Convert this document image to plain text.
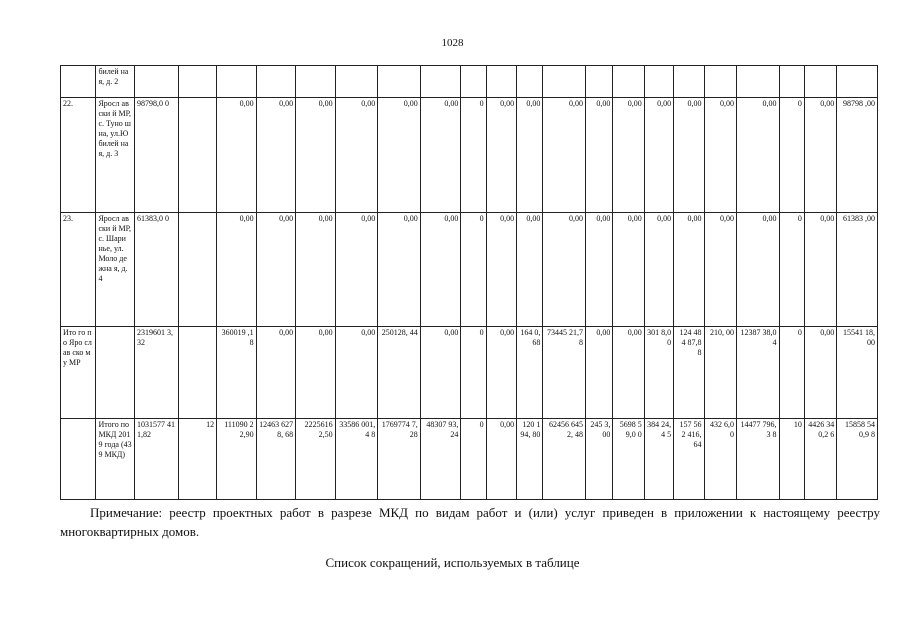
1028
	билей ная, д. 2																					
22.	Яросл авски й МР, с. Туно шна, ул.Ю билей ная, д. 3	98798,0 0		0,00	0,00	0,00	0,00	0,00	0,00	0	0,00	0,00	0,00	0,00	0,00	0,00	0,00	0,00	0,00	0	0,00	98798 ,00
23.	Яросл авски й МР, с. Шари нье, ул. Моло дежна я, д. 4	61383,0 0		0,00	0,00	0,00	0,00	0,00	0,00	0	0,00	0,00	0,00	0,00	0,00	0,00	0,00	0,00	0,00	0	0,00	61383 ,00
Ито го по Яро слав ско му МР		2319601 3,32		360019 ,18	0,00	0,00	0,00	250128, 44	0,00	0	0,00	164 0,68	73445 21,78	0,00	0,00	301 8,00	124 484 87,8 8	210, 00	12387 38,04	0	0,00	15541 18,00
	Итого по МКД 2019 года (439 МКД)	1031577 411,82	12	111090 22,90	12463 6278, 68	2225616 2,50	33586 001,4 8	1769774 7,28	48307 93,24	0	0,00	120 194, 80	62456 6452, 48	245 3,00	5698 59,0 0	384 24,4 5	157 562 416, 64	432 6,00	14477 796,3 8	10	4426 340,2 6	15858 540,9 8
Примечание: реестр проектных работ в разрезе МКД по видам работ и (или) услуг приведен в приложении к настоящему реестру многоквартирных домов.
Список сокращений, используемых в таблице
